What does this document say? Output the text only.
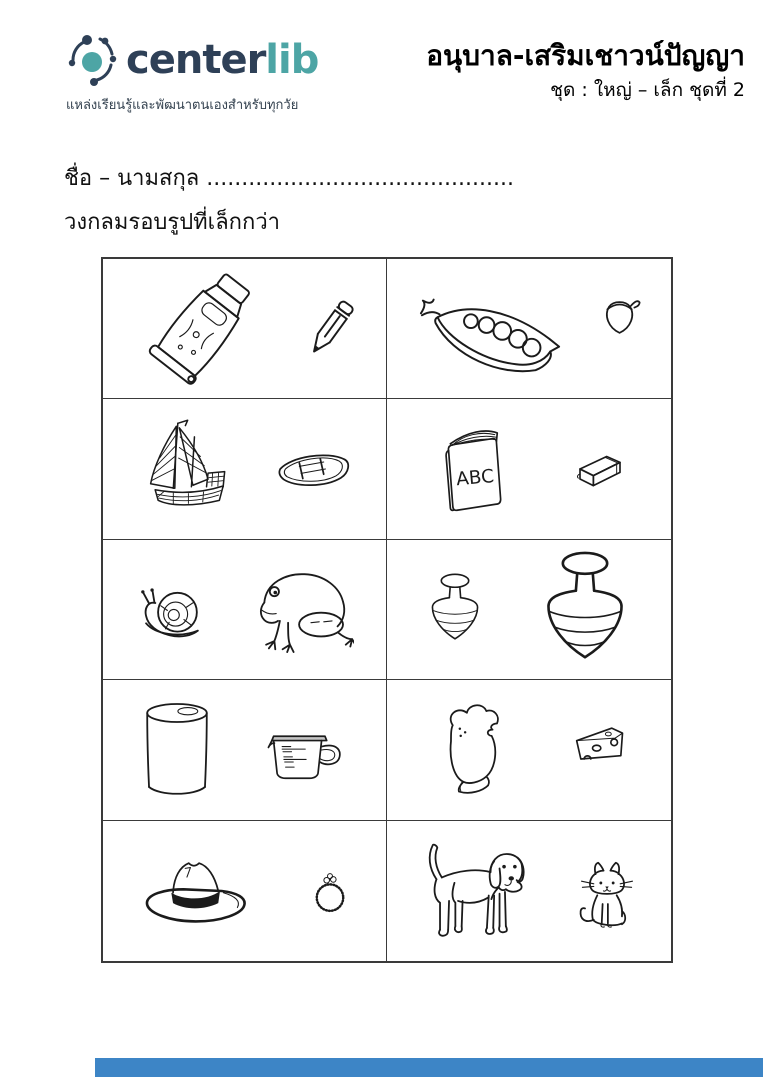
centerlib
แหล่งเรียนรู้และพัฒนาตนเองสำหรับทุกวัย
อนุบาล-เสริมเชาวน์ปัญญา
ชุด : ใหญ่ – เล็ก ชุดที่ 2
ชื่อ – นามสกุล ............................................
วงกลมรอบรูปที่เล็กกว่า
ABC
